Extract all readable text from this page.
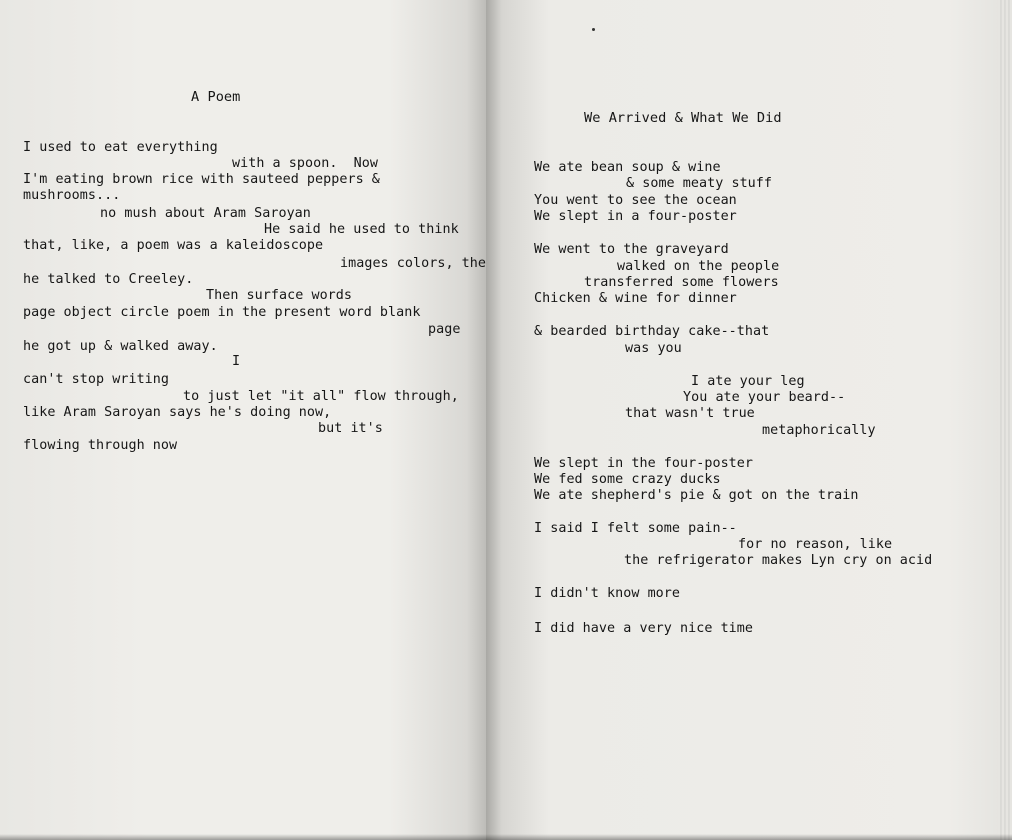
A Poem
I used to eat everything
with a spoon.  Now
I'm eating brown rice with sauteed peppers &
mushrooms...
no mush about Aram Saroyan
He said he used to think
that, like, a poem was a kaleidoscope
images colors, the
he talked to Creeley.
Then surface words
page object circle poem in the present word blank
page
he got up & walked away.
I
can't stop writing
to just let "it all" flow through,
like Aram Saroyan says he's doing now,
but it's
flowing through now
We Arrived & What We Did
We ate bean soup & wine
& some meaty stuff
You went to see the ocean
We slept in a four-poster
We went to the graveyard
walked on the people
transferred some flowers
Chicken & wine for dinner
& bearded birthday cake--that
was you
I ate your leg
You ate your beard--
that wasn't true
metaphorically
We slept in the four-poster
We fed some crazy ducks
We ate shepherd's pie & got on the train
I said I felt some pain--
for no reason, like
the refrigerator makes Lyn cry on acid
I didn't know more
I did have a very nice time
